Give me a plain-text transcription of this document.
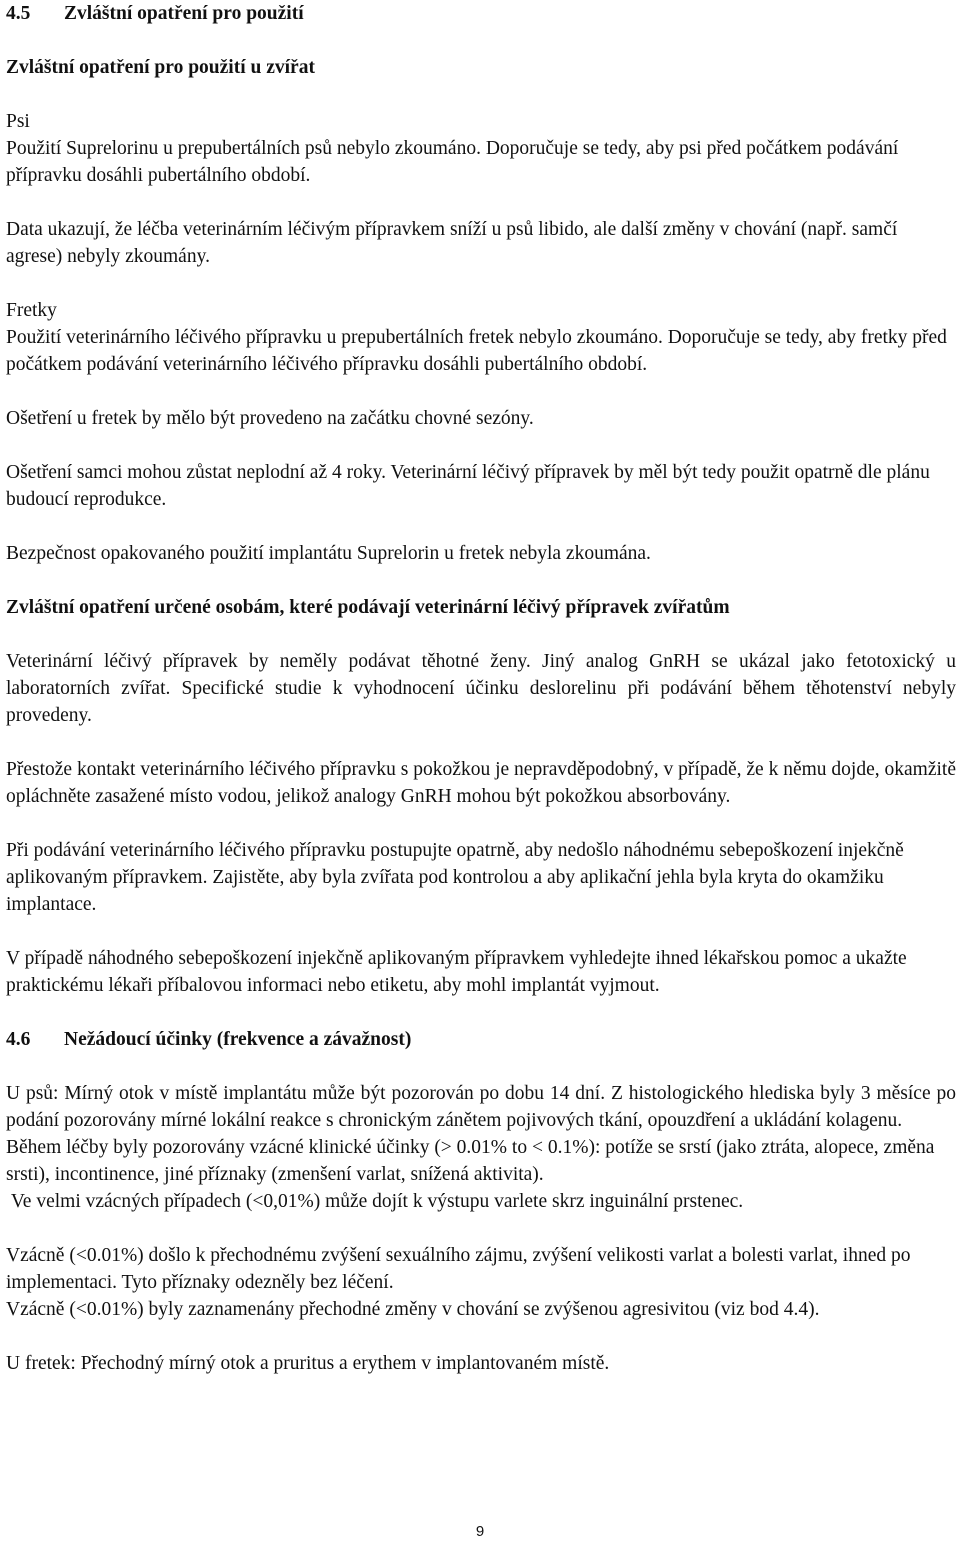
4.5 Zvláštní opatření pro použití

Zvláštní opatření pro použití u zvířat

Psi

Použití Suprelorinu u prepubertálních psů nebylo zkoumáno. Doporučuje se tedy, aby psi před počátkem podávání přípravku dosáhli pubertálního období.

Data ukazují, že léčba veterinárním léčivým přípravkem sníží u psů libido, ale další změny v chování (např. samčí agrese) nebyly zkoumány.

Fretky

Použití veterinárního léčivého přípravku u prepubertálních fretek nebylo zkoumáno. Doporučuje se tedy, aby fretky před počátkem podávání veterinárního léčivého přípravku dosáhli pubertálního období.

Ošetření u fretek by mělo být provedeno na začátku chovné sezóny.

Ošetření samci mohou zůstat neplodní až 4 roky. Veterinární léčivý přípravek by měl být tedy použit opatrně dle plánu budoucí reprodukce.

Bezpečnost opakovaného použití implantátu Suprelorin u fretek nebyla zkoumána.

Zvláštní opatření určené osobám, které podávají veterinární léčivý přípravek zvířatům

Veterinární léčivý přípravek by neměly podávat těhotné ženy. Jiný analog GnRH se ukázal jako fetotoxický u laboratorních zvířat. Specifické studie k vyhodnocení účinku deslorelinu při podávání během těhotenství nebyly provedeny.

Přestože kontakt veterinárního léčivého přípravku s pokožkou je nepravděpodobný, v případě, že k němu dojde, okamžitě opláchněte zasažené místo vodou, jelikož analogy GnRH mohou být pokožkou absorbovány.

Při podávání veterinárního léčivého přípravku postupujte opatrně, aby nedošlo náhodnému sebepoškození injekčně aplikovaným přípravkem. Zajistěte, aby byla zvířata pod kontrolou a aby aplikační jehla byla kryta do okamžiku implantace.

V případě náhodného sebepoškození injekčně aplikovaným přípravkem vyhledejte ihned lékařskou pomoc a ukažte praktickému lékaři příbalovou informaci nebo etiketu, aby mohl implantát vyjmout.

4.6 Nežádoucí účinky (frekvence a závažnost)

U psů: Mírný otok v místě implantátu může být pozorován po dobu 14 dní. Z histologického hlediska byly 3 měsíce po podání pozorovány mírné lokální reakce s chronickým zánětem pojivových tkání, opouzdření a ukládání kolagenu.

Během léčby byly pozorovány vzácné klinické účinky (> 0.01% to < 0.1%): potíže se srstí (jako ztráta, alopece, změna srsti), incontinence, jiné příznaky (zmenšení varlat, snížená aktivita).

Ve velmi vzácných případech (<0,01%) může dojít k výstupu varlete skrz inguinální prstenec.

Vzácně (<0.01%) došlo k přechodnému zvýšení sexuálního zájmu, zvýšení velikosti varlat a bolesti varlat, ihned po implementaci. Tyto příznaky odezněly bez léčení.

Vzácně (<0.01%) byly zaznamenány přechodné změny v chování se zvýšenou agresivitou (viz bod 4.4).

U fretek: Přechodný mírný otok a pruritus a erythem v implantovaném místě.

9
